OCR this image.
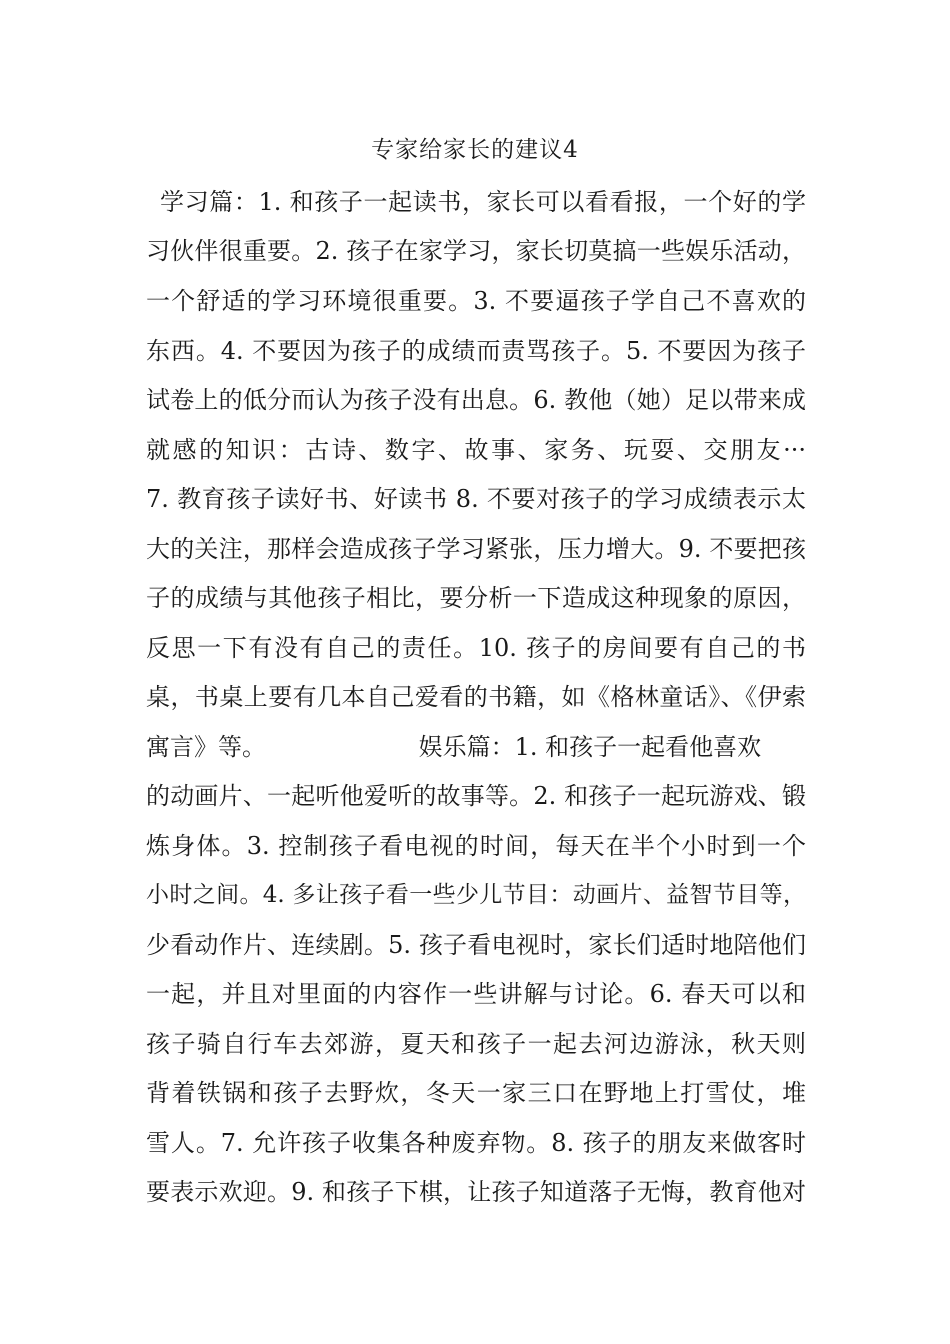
专家给家长的建议4
学习篇：1. 和孩子一起读书，家长可以看看报，一个好的学
习伙伴很重要。2. 孩子在家学习，家长切莫搞一些娱乐活动，
一个舒适的学习环境很重要。3. 不要逼孩子学自己不喜欢的
东西。4. 不要因为孩子的成绩而责骂孩子。5. 不要因为孩子
试卷上的低分而认为孩子没有出息。6. 教他（她）足以带来成
就感的知识：古诗、数字、故事、家务、玩耍、交朋友···
7. 教育孩子读好书、好读书 8. 不要对孩子的学习成绩表示太
大的关注，那样会造成孩子学习紧张，压力增大。9. 不要把孩
子的成绩与其他孩子相比，要分析一下造成这种现象的原因，
反思一下有没有自己的责任。10. 孩子的房间要有自己的书
桌，书桌上要有几本自己爱看的书籍，如《格林童话》、《伊索
寓言》等。                    娱乐篇：1. 和孩子一起看他喜欢
的动画片、一起听他爱听的故事等。2. 和孩子一起玩游戏、锻
炼身体。3. 控制孩子看电视的时间，每天在半个小时到一个
小时之间。4. 多让孩子看一些少儿节目：动画片、益智节目等，
少看动作片、连续剧。5. 孩子看电视时，家长们适时地陪他们
一起，并且对里面的内容作一些讲解与讨论。6. 春天可以和
孩子骑自行车去郊游，夏天和孩子一起去河边游泳，秋天则
背着铁锅和孩子去野炊，冬天一家三口在野地上打雪仗，堆
雪人。7. 允许孩子收集各种废弃物。8. 孩子的朋友来做客时
要表示欢迎。9. 和孩子下棋，让孩子知道落子无悔，教育他对
